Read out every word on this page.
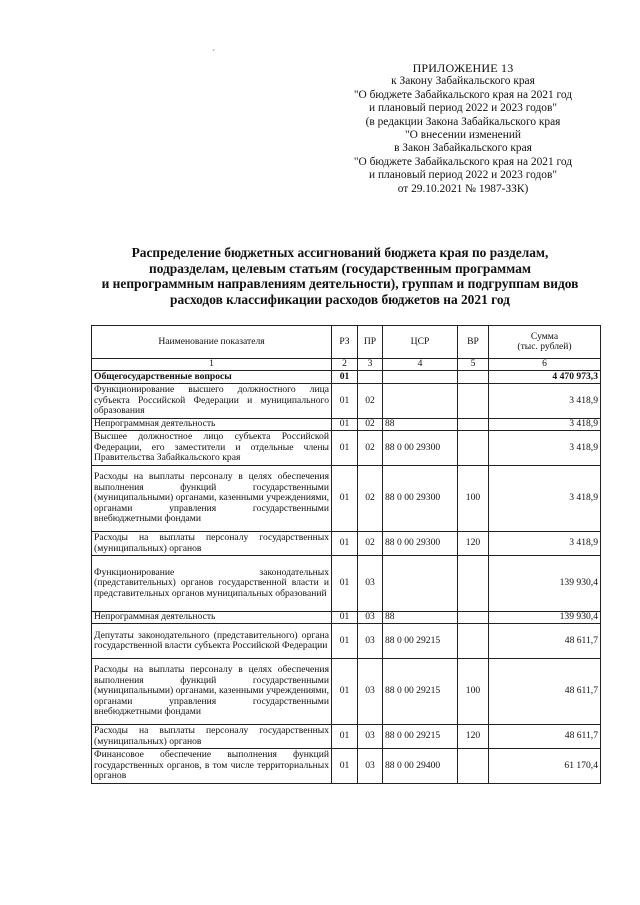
´
ПРИЛОЖЕНИЕ 13
к Закону Забайкальского края
"О бюджете Забайкальского края на 2021 год
и плановый период 2022 и 2023 годов"
(в редакции Закона Забайкальского края
"О внесении изменений
в Закон Забайкальского края
"О бюджете Забайкальского края на 2021 год
и плановый период 2022 и 2023 годов"
от 29.10.2021 № 1987-ЗЗК)
Распределение бюджетных ассигнований бюджета края по разделам,
подразделам, целевым статьям (государственным программам
и непрограммным направлениям деятельности), группам и подгруппам видов
расходов классификации расходов бюджетов на 2021 год
Наименование показателя	РЗ	ПР	ЦСР	ВР	Сумма
(тыс. рублей)

1	2	3	4	5	6
Общегосударственные вопросы	01				4 470 973,3
Функционирование высшего должностного лица субъекта Российской Федерации и муниципального образования	01	02			3 418,9
Непрограммная деятельность	01	02	88		3 418,9
Высшее должностное лицо субъекта Российской Федерации, его заместители и отдельные члены Правительства Забайкальского края	01	02	88 0 00 29300		3 418,9
Расходы на выплаты персоналу в целях обеспечения выполнения функций государственными (муниципальными) органами, казенными учреждениями, органами управления государственными внебюджетными фондами	01	02	88 0 00 29300	100	3 418,9
Расходы на выплаты персоналу государственных (муниципальных) органов	01	02	88 0 00 29300	120	3 418,9
Функционирование законодательных (представительных) органов государственной власти и представительных органов муниципальных образований	01	03			139 930,4
Непрограммная деятельность	01	03	88		139 930,4
Депутаты законодательного (представительного) органа государственной власти субъекта Российской Федерации	01	03	88 0 00 29215		48 611,7
Расходы на выплаты персоналу в целях обеспечения выполнения функций государственными (муниципальными) органами, казенными учреждениями, органами управления государственными внебюджетными фондами	01	03	88 0 00 29215	100	48 611,7
Расходы на выплаты персоналу государственных (муниципальных) органов	01	03	88 0 00 29215	120	48 611,7
Финансовое обеспечение выполнения функций государственных органов, в том числе территориальных органов	01	03	88 0 00 29400		61 170,4
